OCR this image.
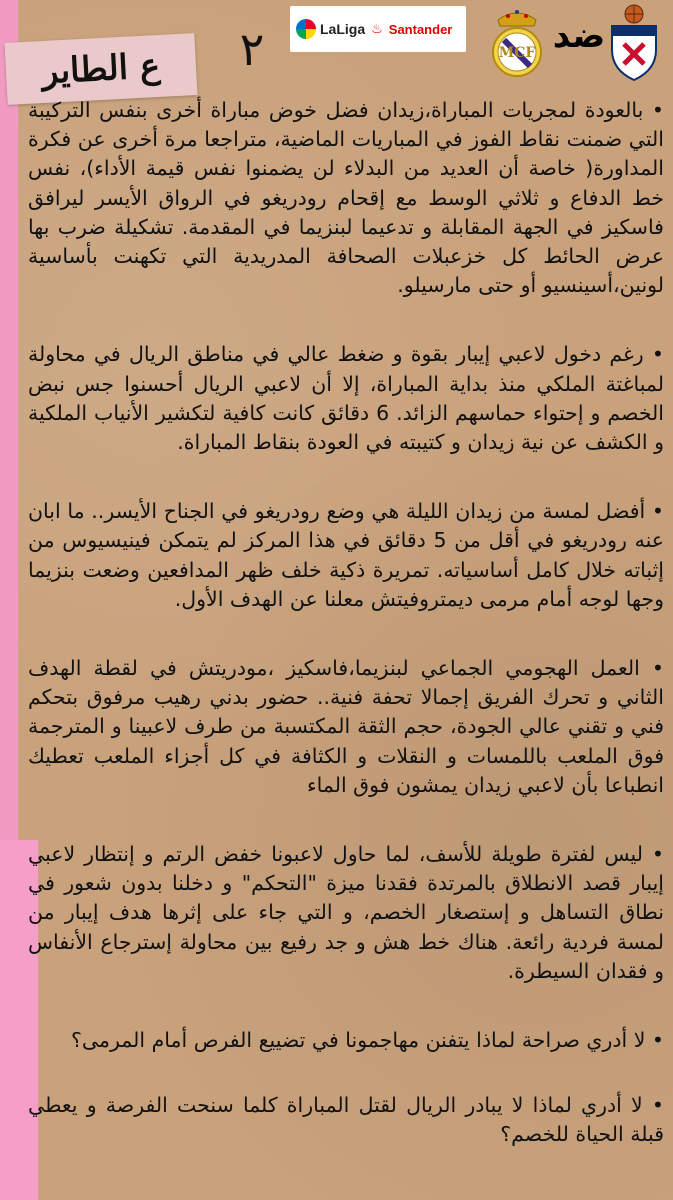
ع الطاير	٢	LaLiga ♨ Santander
MCF ضد

• بالعودة لمجريات المباراة،زيدان فضل خوض مباراة أخرى بنفس التركيبة التي ضمنت نقاط الفوز في المباريات الماضية، متراجعا مرة أخرى عن فكرة المداورة( خاصة أن العديد من البدلاء لن يضمنوا نفس قيمة الأداء)، نفس خط الدفاع و ثلاثي الوسط مع إقحام رودريغو في الرواق الأيسر ليرافق فاسكيز في الجهة المقابلة و تدعيما لبنزيما في المقدمة. تشكيلة ضرب بها عرض الحائط كل خزعبلات الصحافة المدريدية التي تكهنت بأساسية لونين،أسينسيو أو حتى مارسيلو.

• رغم دخول لاعبي إيبار بقوة و ضغط عالي في مناطق الريال في محاولة لمباغتة الملكي منذ بداية المباراة، إلا أن لاعبي الريال أحسنوا جس نبض الخصم و إحتواء حماسهم الزائد. 6 دقائق كانت كافية لتكشير الأنياب الملكية و الكشف عن نية زيدان و كتيبته في العودة بنقاط المباراة.

• أفضل لمسة من زيدان الليلة هي وضع رودريغو في الجناح الأيسر.. ما ابان عنه رودريغو في أقل من 5 دقائق في هذا المركز لم يتمكن فينيسيوس من إثباته خلال كامل أساسياته. تمريرة ذكية خلف ظهر المدافعين وضعت بنزيما وجها لوجه أمام مرمى ديمتروفيتش معلنا عن الهدف الأول.

• العمل الهجومي الجماعي لبنزيما،فاسكيز ،مودريتش في لقطة الهدف الثاني و تحرك الفريق إجمالا تحفة فنية.. حضور بدني رهيب مرفوق بتحكم فني و تقني عالي الجودة، حجم الثقة المكتسبة من طرف لاعبينا و المترجمة فوق الملعب باللمسات و النقلات و الكثافة في كل أجزاء الملعب تعطيك انطباعا بأن لاعبي زيدان يمشون فوق الماء

• ليس لفترة طويلة للأسف، لما حاول لاعبونا خفض الرتم و إنتظار لاعبي إيبار قصد الانطلاق بالمرتدة فقدنا ميزة "التحكم" و دخلنا بدون شعور في نطاق التساهل و إستصغار الخصم، و التي جاء على إثرها هدف إيبار من لمسة فردية رائعة. هناك خط هش و جد رفيع بين محاولة إسترجاع الأنفاس و فقدان السيطرة.

• لا أدري صراحة لماذا يتفنن مهاجمونا في تضييع الفرص أمام المرمى؟

• لا أدري لماذا لا يبادر الريال لقتل المباراة كلما سنحت الفرصة و يعطي قبلة الحياة للخصم؟
